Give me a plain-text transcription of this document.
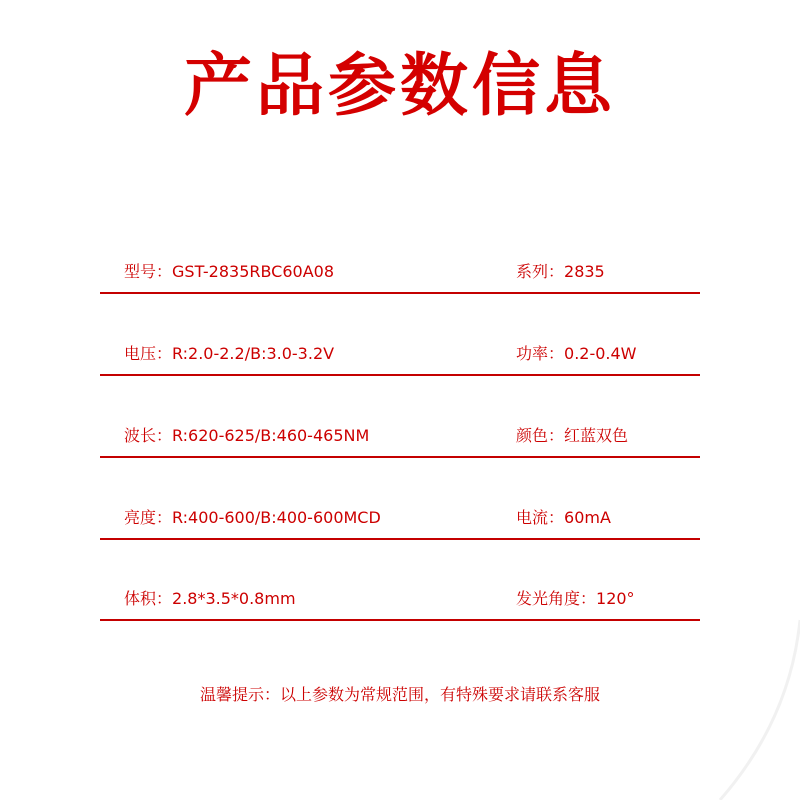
产品参数信息
型号：GST-2835RBC60A08	系列：2835
电压：R:2.0-2.2/B:3.0-3.2V	功率：0.2-0.4W
波长：R:620-625/B:460-465NM	颜色：红蓝双色
亮度：R:400-600/B:400-600MCD	电流：60mA
体积：2.8*3.5*0.8mm	发光角度：120°
温馨提示：以上参数为常规范围，有特殊要求请联系客服
